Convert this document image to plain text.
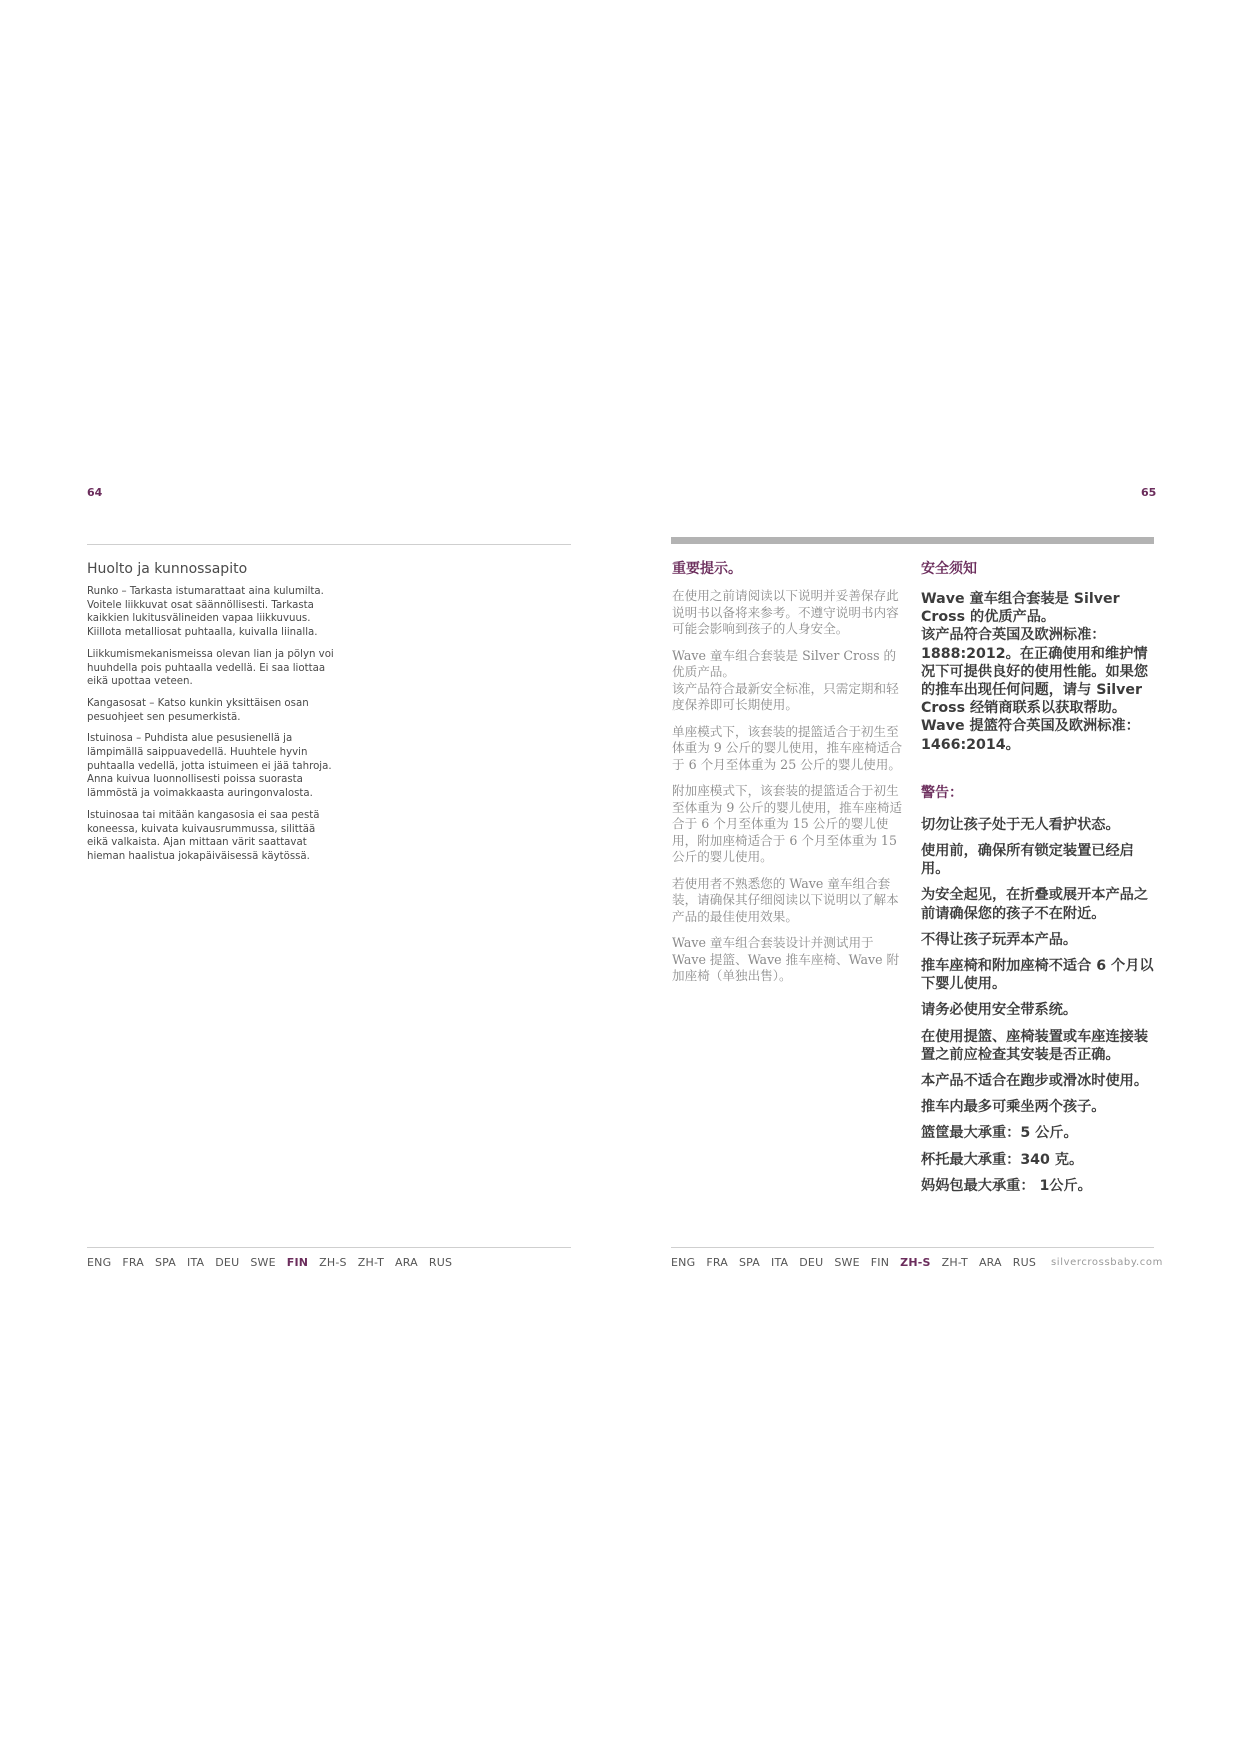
64
Huolto ja kunnossapito

Runko – Tarkasta istumarattaat aina kulumilta. Voitele liikkuvat osat säännöllisesti. Tarkasta kaikkien lukitusvälineiden vapaa liikkuvuus. Kiillota metalliosat puhtaalla, kuivalla liinalla.

Liikkumismekanismeissa olevan lian ja pölyn voi huuhdella pois puhtaalla vedellä. Ei saa liottaa eikä upottaa veteen.

Kangasosat – Katso kunkin yksittäisen osan pesuohjeet sen pesumerkistä.

Istuinosa – Puhdista alue pesusienellä ja lämpimällä saippuavedellä. Huuhtele hyvin puhtaalla vedellä, jotta istuimeen ei jää tahroja. Anna kuivua luonnollisesti poissa suorasta lämmöstä ja voimakkaasta auringonvalosta.

Istuinosaa tai mitään kangasosia ei saa pestä koneessa, kuivata kuivausrummussa, silittää eikä valkaista. Ajan mittaan värit saattavat hieman haalistua jokapäiväisessä käytössä.

ENG FRA SPA ITA DEU SWE FIN ZH-S ZH-T ARA RUS
65

重要提示。

在使用之前请阅读以下说明并妥善保存此说明书以备将来参考。不遵守说明书内容可能会影响到孩子的人身安全。

Wave 童车组合套装是 Silver Cross 的优质产品。
该产品符合最新安全标准，只需定期和轻度保养即可长期使用。

单座模式下，该套装的提篮适合于初生至体重为 9 公斤的婴儿使用，推车座椅适合于 6 个月至体重为 25 公斤的婴儿使用。

附加座模式下，该套装的提篮适合于初生至体重为 9 公斤的婴儿使用，推车座椅适合于 6 个月至体重为 15 公斤的婴儿使用，附加座椅适合于 6 个月至体重为 15 公斤的婴儿使用。

若使用者不熟悉您的 Wave 童车组合套装，请确保其仔细阅读以下说明以了解本产品的最佳使用效果。

Wave 童车组合套装设计并测试用于 Wave 提篮、Wave 推车座椅、Wave 附加座椅（单独出售）。

安全须知

Wave 童车组合套装是 Silver Cross 的优质产品。
该产品符合英国及欧洲标准：1888:2012。在正确使用和维护情况下可提供良好的使用性能。如果您的推车出现任何问题，请与 Silver Cross 经销商联系以获取帮助。
Wave 提篮符合英国及欧洲标准：1466:2014。

警告：

切勿让孩子处于无人看护状态。

使用前，确保所有锁定装置已经启用。

为安全起见，在折叠或展开本产品之前请确保您的孩子不在附近。

不得让孩子玩弄本产品。

推车座椅和附加座椅不适合 6 个月以下婴儿使用。

请务必使用安全带系统。

在使用提篮、座椅装置或车座连接装置之前应检查其安装是否正确。

本产品不适合在跑步或滑冰时使用。

推车内最多可乘坐两个孩子。

篮筐最大承重：5 公斤。

杯托最大承重：340 克。

妈妈包最大承重： 1公斤。

ENG FRA SPA ITA DEU SWE FIN ZH-S ZH-T ARA RUS silvercrossbaby.com
